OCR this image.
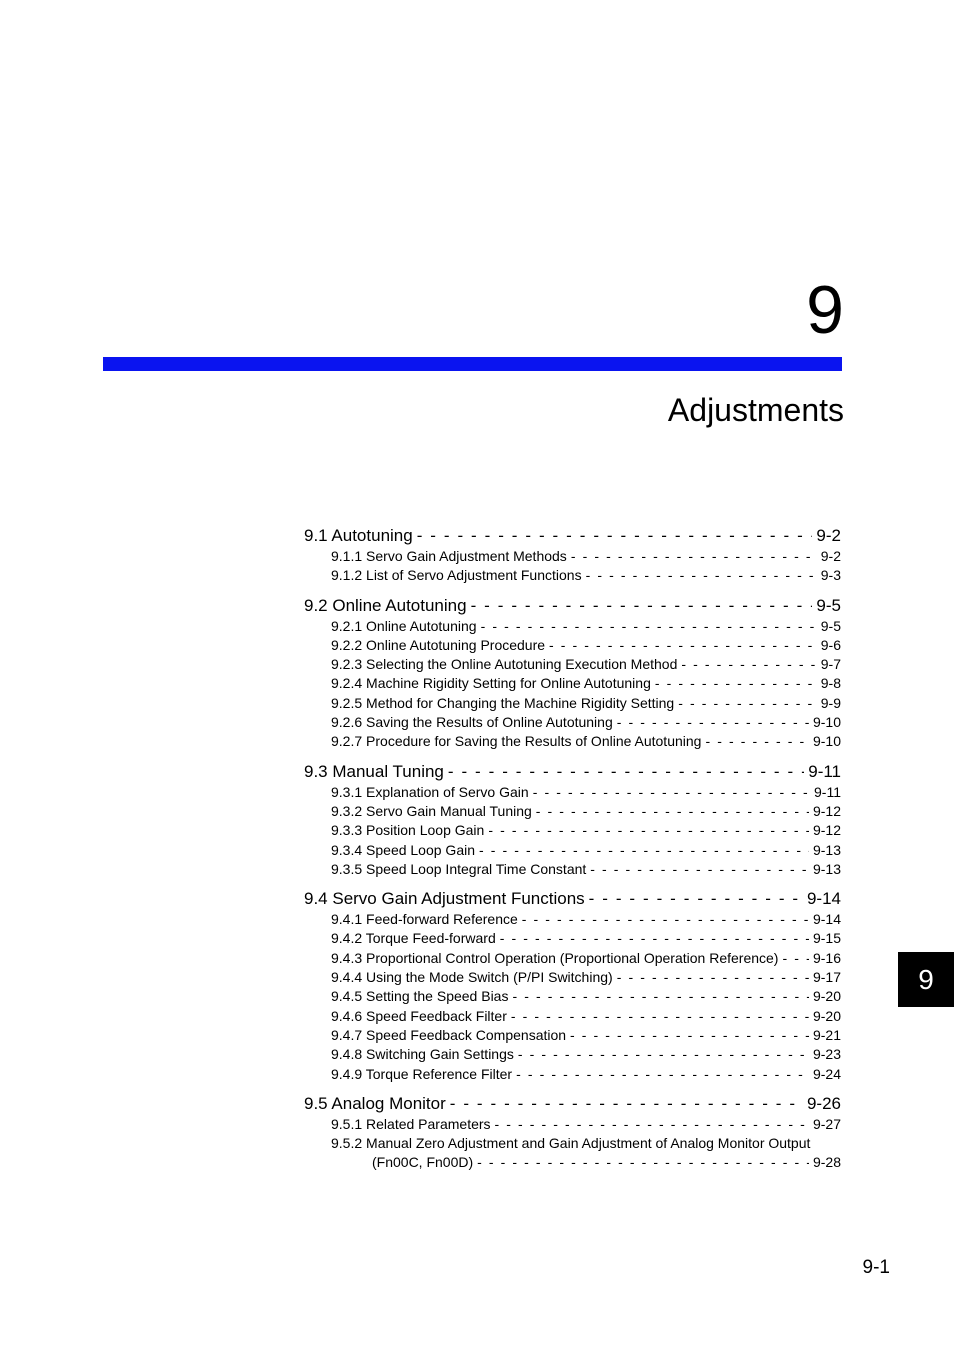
9
Adjustments
9.1 Autotuning - - -	9-2
9.1.1 Servo Gain Adjustment Methods - - -	9-2
9.1.2 List of Servo Adjustment Functions - - -	9-3
9.2 Online Autotuning - - -	9-5
9.2.1 Online Autotuning - - -	9-5
9.2.2 Online Autotuning Procedure - - -	9-6
9.2.3 Selecting the Online Autotuning Execution Method - - -	9-7
9.2.4 Machine Rigidity Setting for Online Autotuning - - -	9-8
9.2.5 Method for Changing the Machine Rigidity Setting - - -	9-9
9.2.6 Saving the Results of Online Autotuning - - -	9-10
9.2.7 Procedure for Saving the Results of Online Autotuning - - -	9-10
9.3 Manual Tuning - - -	9-11
9.3.1 Explanation of Servo Gain - - -	9-11
9.3.2 Servo Gain Manual Tuning - - -	9-12
9.3.3 Position Loop Gain - - -	9-12
9.3.4 Speed Loop Gain - - -	9-13
9.3.5 Speed Loop Integral Time Constant - - -	9-13
9.4 Servo Gain Adjustment Functions - - -	9-14
9.4.1 Feed-forward Reference - - -	9-14
9.4.2 Torque Feed-forward - - -	9-15
9.4.3 Proportional Control Operation (Proportional Operation Reference) - - - 9-16
9.4.4 Using the Mode Switch (P/PI Switching) - - -	9-17
9.4.5 Setting the Speed Bias - - -	9-20
9.4.6 Speed Feedback Filter - - -	9-20
9.4.7 Speed Feedback Compensation - - -	9-21
9.4.8 Switching Gain Settings - - -	9-23
9.4.9 Torque Reference Filter - - -	9-24
9.5 Analog Monitor - - -	9-26
9.5.1 Related Parameters - - -	9-27
9.5.2 Manual Zero Adjustment and Gain Adjustment of Analog Monitor Output
(Fn00C, Fn00D) - - -	9-28
9
9-1
